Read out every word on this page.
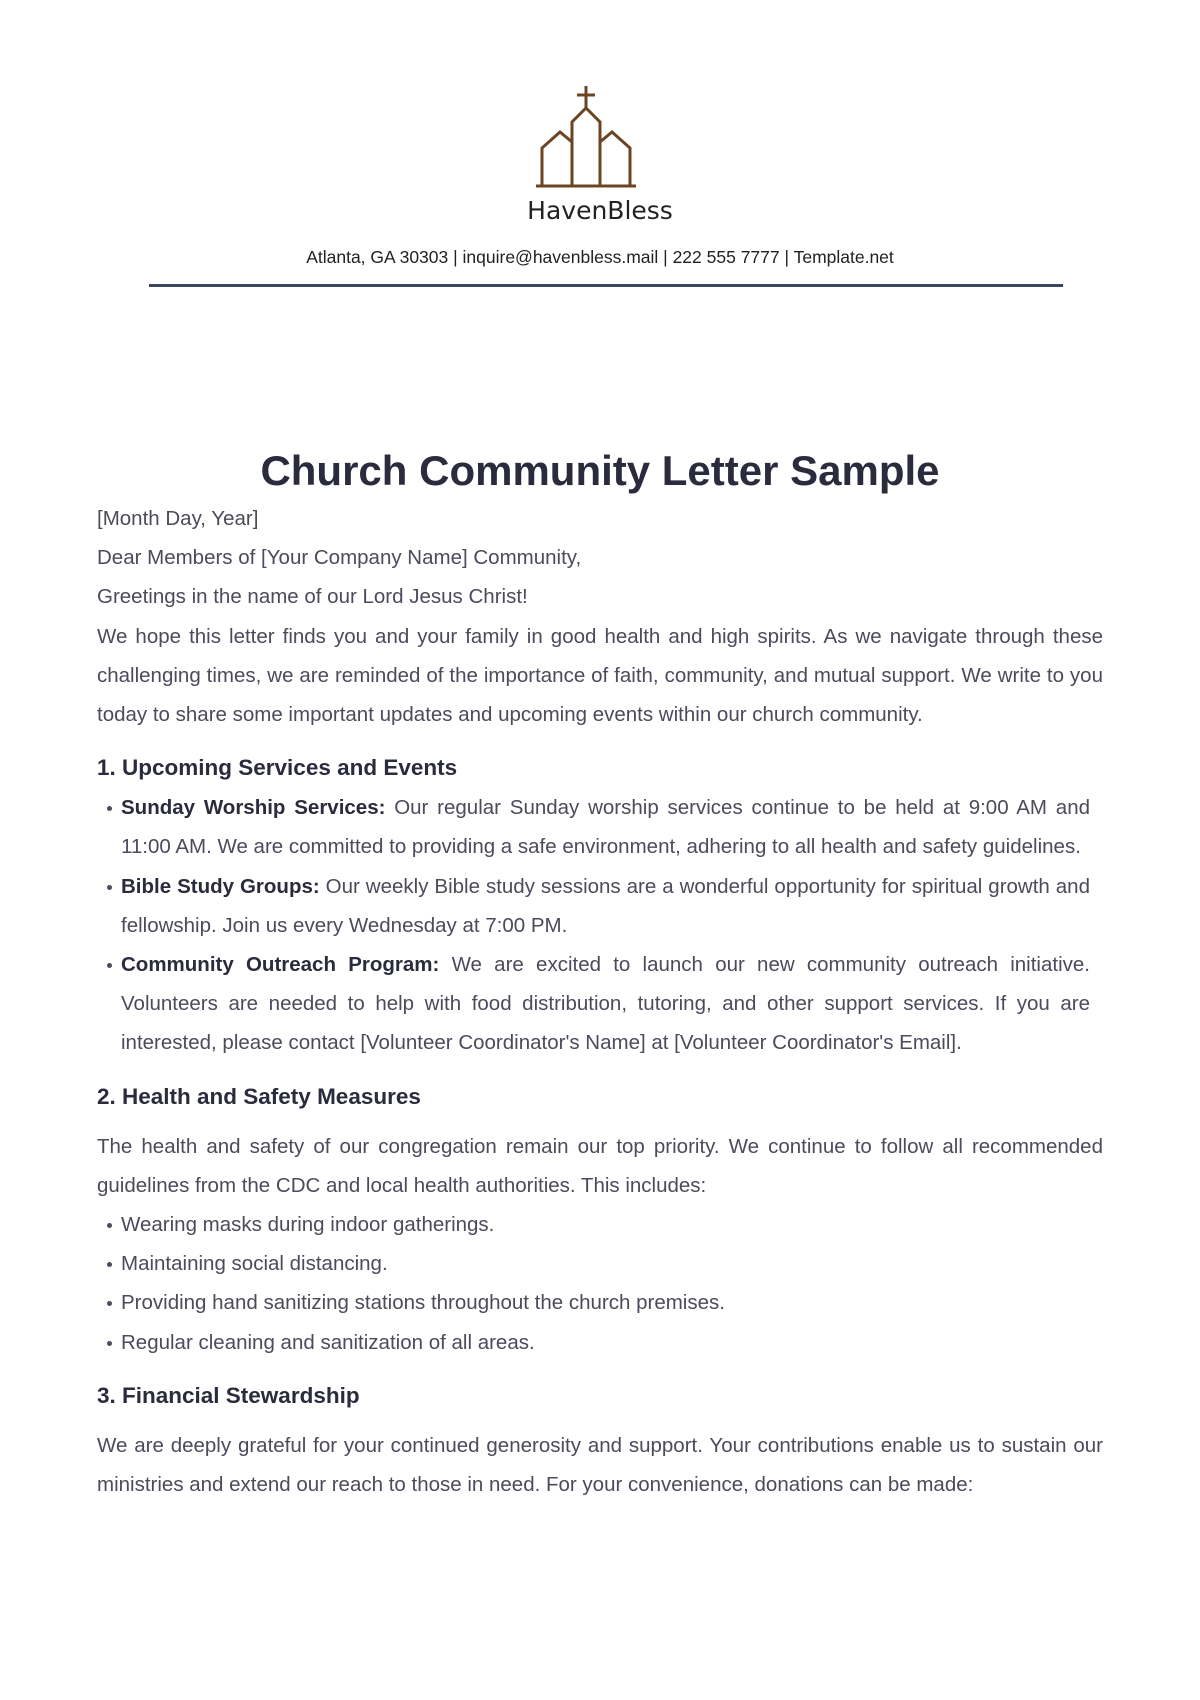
HavenBless
Atlanta, GA 30303 | inquire@havenbless.mail | 222 555 7777 | Template.net
Church Community Letter Sample

[Month Day, Year]

Dear Members of [Your Company Name] Community,

Greetings in the name of our Lord Jesus Christ!

We hope this letter finds you and your family in good health and high spirits. As we navigate through these challenging times, we are reminded of the importance of faith, community, and mutual support. We write to you today to share some important updates and upcoming events within our church community.

1. Upcoming Services and Events
Sunday Worship Services: Our regular Sunday worship services continue to be held at 9:00 AM and 11:00 AM. We are committed to providing a safe environment, adhering to all health and safety guidelines.
Bible Study Groups: Our weekly Bible study sessions are a wonderful opportunity for spiritual growth and fellowship. Join us every Wednesday at 7:00 PM.
Community Outreach Program: We are excited to launch our new community outreach initiative. Volunteers are needed to help with food distribution, tutoring, and other support services. If you are interested, please contact [Volunteer Coordinator's Name] at [Volunteer Coordinator's Email].
2. Health and Safety Measures

The health and safety of our congregation remain our top priority. We continue to follow all recommended guidelines from the CDC and local health authorities. This includes:

Wearing masks during indoor gatherings.
Maintaining social distancing.
Providing hand sanitizing stations throughout the church premises.
Regular cleaning and sanitization of all areas.
3. Financial Stewardship

We are deeply grateful for your continued generosity and support. Your contributions enable us to sustain our ministries and extend our reach to those in need. For your convenience, donations can be made:
